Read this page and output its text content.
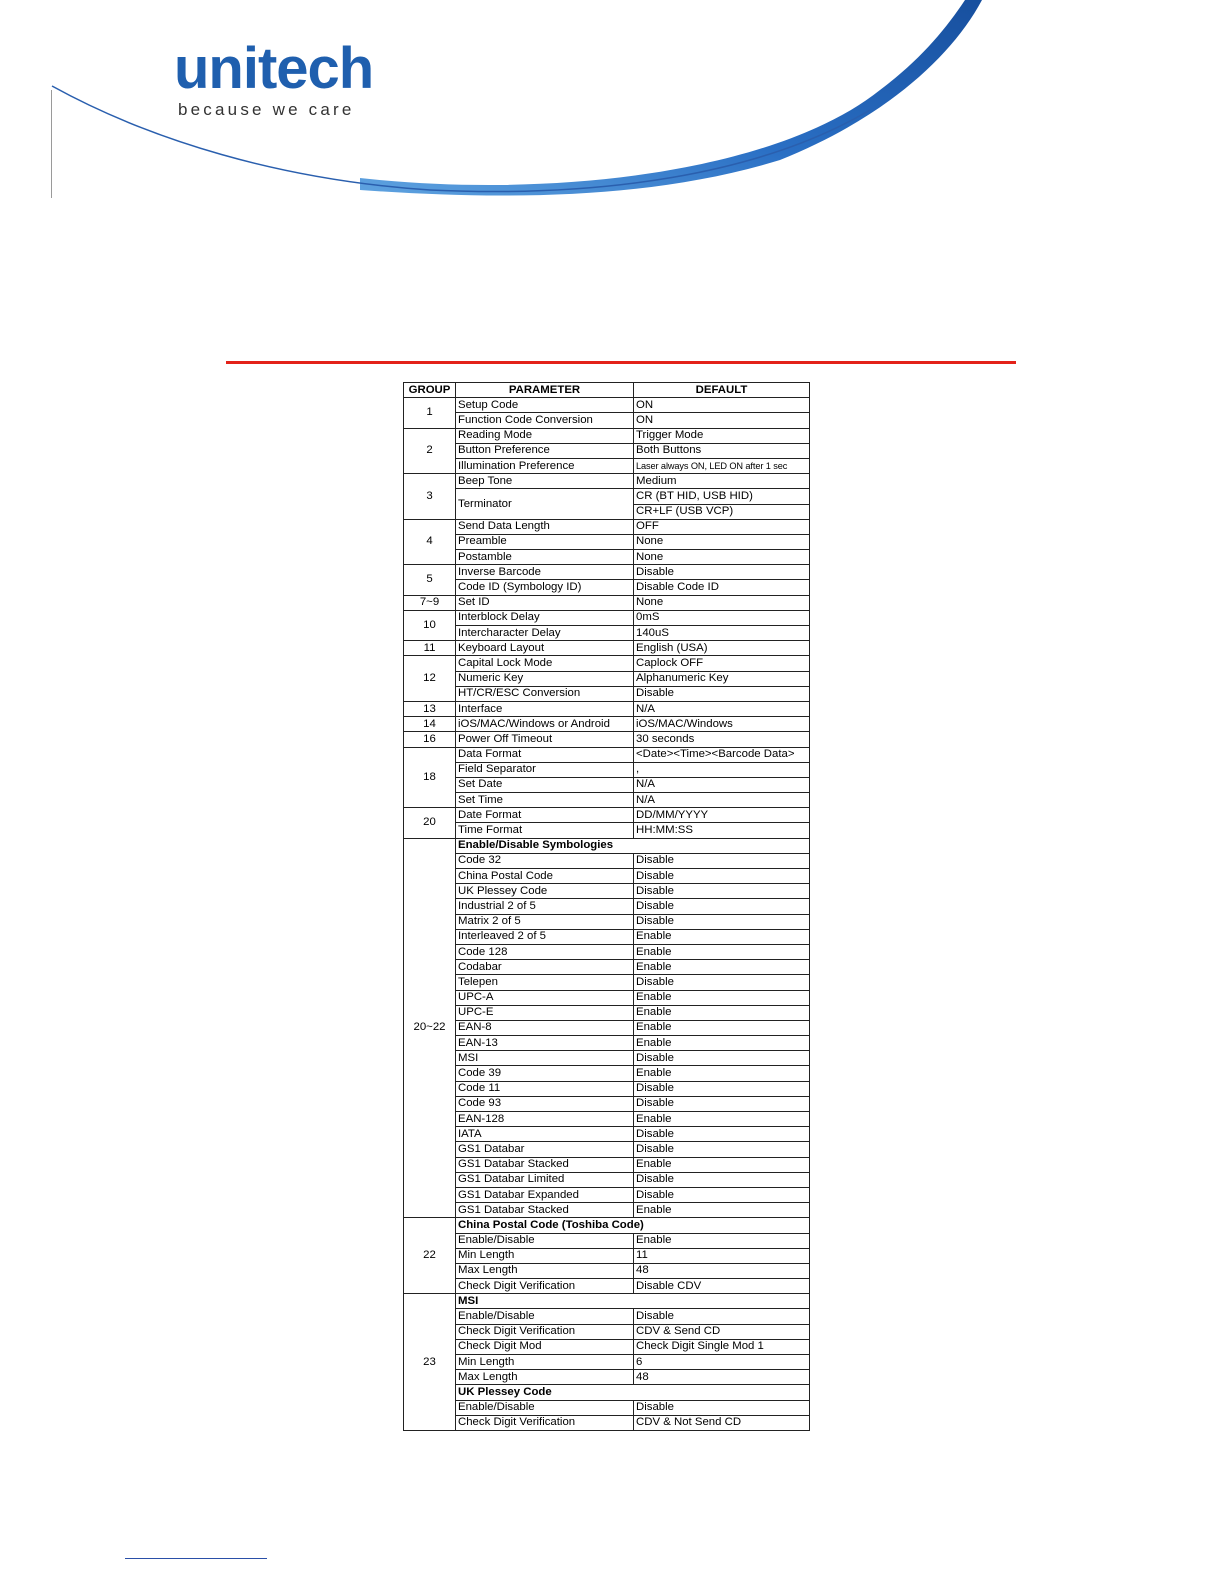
unitech
because we care
GROUP	PARAMETER	DEFAULT
1	Setup Code	ON
	Function Code Conversion	ON
2	Reading Mode	Trigger Mode
	Button Preference	Both Buttons
	Illumination Preference	Laser always ON, LED ON after 1 sec
3	Beep Tone	Medium
	Terminator	CR (BT HID, USB HID)
		CR+LF (USB VCP)
4	Send Data Length	OFF
	Preamble	None
	Postamble	None
5	Inverse Barcode	Disable
	Code ID (Symbology ID)	Disable Code ID
7~9	Set ID	None
10	Interblock Delay	0mS
	Intercharacter Delay	140uS
11	Keyboard Layout	English (USA)
12	Capital Lock Mode	Caplock OFF
	Numeric Key	Alphanumeric Key
	HT/CR/ESC Conversion	Disable
13	Interface	N/A
14	iOS/MAC/Windows or Android	iOS/MAC/Windows
16	Power Off Timeout	30 seconds
18	Data Format	<Date><Time><Barcode Data>
	Field Separator	,
	Set Date	N/A
	Set Time	N/A
20	Date Format	DD/MM/YYYY
	Time Format	HH:MM:SS
20~22	Enable/Disable Symbologies	
	Code 32	Disable
	China Postal Code	Disable
	UK Plessey Code	Disable
	Industrial 2 of 5	Disable
	Matrix 2 of 5	Disable
	Interleaved 2 of 5	Enable
	Code 128	Enable
	Codabar	Enable
	Telepen	Disable
	UPC-A	Enable
	UPC-E	Enable
	EAN-8	Enable
	EAN-13	Enable
	MSI	Disable
	Code 39	Enable
	Code 11	Disable
	Code 93	Disable
	EAN-128	Enable
	IATA	Disable
	GS1 Databar	Disable
	GS1 Databar Stacked	Enable
	GS1 Databar Limited	Disable
	GS1 Databar Expanded	Disable
	GS1 Databar Stacked	Enable
22	China Postal Code (Toshiba Code)	
	Enable/Disable	Enable
	Min Length	11
	Max Length	48
	Check Digit Verification	Disable CDV
23	MSI	
	Enable/Disable	Disable
	Check Digit Verification	CDV & Send CD
	Check Digit Mod	Check Digit Single Mod 1
	Min Length	6
	Max Length	48
	UK Plessey Code	
	Enable/Disable	Disable
	Check Digit Verification	CDV & Not Send CD
